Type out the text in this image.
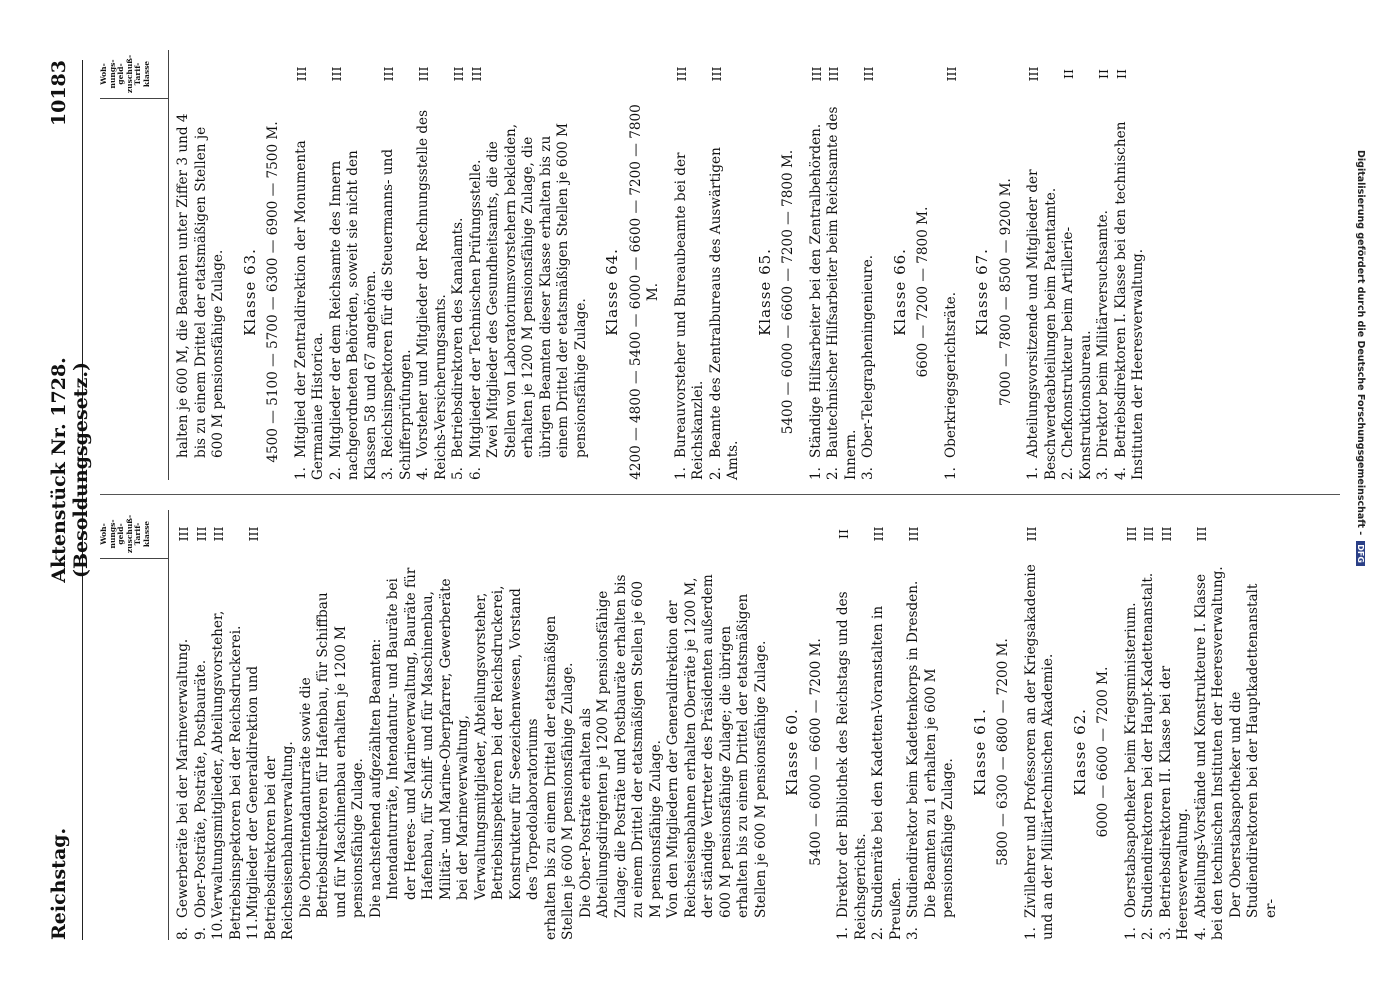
Reichstag.
Aktenstück Nr. 1728. (Besoldungsgesetz.)
10183
Woh-nungs-geld-zuschuß-Tarif-klasse

8.Gewerberäte bei der Marineverwaltung.
III

9.Ober-Posträte, Posträte, Postbauräte.
III

10.Verwaltungsmitglieder, Abteilungsvorsteher, Betriebsinspektoren bei der Reichsdruckerei.
III

11.Mitglieder der Generaldirektion und Betriebsdirektoren bei der Reichseisenbahnverwaltung.
III

Die Oberintendanturräte sowie die Betriebsdirektoren für Hafenbau, für Schiffbau und für Maschinenbau erhalten je 1200 M pensionsfähige Zulage. Die nachstehend aufgezählten Beamten: Intendanturräte, Intendantur- und Bauräte bei der Heeres- und Marineverwaltung, Bauräte für Hafenbau, für Schiff- und für Maschinenbau, Militär- und Marine-Oberpfarrer, Gewerberäte bei der Marineverwaltung, Verwaltungsmitglieder, Abteilungsvorsteher, Betriebsinspektoren bei der Reichsdruckerei, Konstrukteur für Seezeichenwesen, Vorstand des Torpedolaboratoriums erhalten bis zu einem Drittel der etatsmäßigen Stellen je 600 M pensionsfähige Zulage. Die Ober-Posträte erhalten als Abteilungsdirigenten je 1200 M pensionsfähige Zulage; die Posträte und Postbauräte erhalten bis zu einem Drittel der etatsmäßigen Stellen je 600 M pensionsfähige Zulage. Von den Mitgliedern der Generaldirektion der Reichseisenbahnen erhalten Oberräte je 1200 M, der ständige Vertreter des Präsidenten außerdem 600 M pensionsfähige Zulage; die übrigen erhalten bis zu einem Drittel der etatsmäßigen Stellen je 600 M pensionsfähige Zulage. Klasse 60. 5400 — 6000 — 6600 — 7200 M.

1.Direktor der Bibliothek des Reichstags und des Reichsgerichts.
II

2.Studienräte bei den Kadetten-Voranstalten in Preußen.
III

3.Studiendirektor beim Kadettenkorps in Dresden.
III

Die Beamten zu 1 erhalten je 600 M pensionsfähige Zulage.

Klasse 61. 5800 — 6300 — 6800 — 7200 M.

1.Zivillehrer und Professoren an der Kriegsakademie und an der Militärtechnischen Akademie.
III

Klasse 62. 6000 — 6600 — 7200 M.

1.Oberstabsapotheker beim Kriegsministerium.
III

2.Studiendirektoren bei der Haupt-Kadettenanstalt.
III

3.Betriebsdirektoren II. Klasse bei der Heeresverwaltung.
III

4.Abteilungs-Vorstände und Konstrukteure I. Klasse bei den technischen Instituten der Heeresverwaltung.
III

Der Oberstabsapotheker und die Studiendirektoren bei der Hauptkadettenanstalt er-

Woh-nungs-geld-zuschuß-Tarif-klasse

halten je 600 M, die Beamten unter Ziffer 3 und 4 bis zu einem Drittel der etatsmäßigen Stellen je 600 M pensionsfähige Zulage. Klasse 63. 4500 — 5100 — 5700 — 6300 — 6900 — 7500 M.

1.Mitglied der Zentraldirektion der Monumenta Germaniae Historica.
III

2.Mitglieder der dem Reichsamte des Innern nachgeordneten Behörden, soweit sie nicht den Klassen 58 und 67 angehören.
III

3.Reichsinspektoren für die Steuermanns- und Schifferprüfungen.
III

4.Vorsteher und Mitglieder der Rechnungsstelle des Reichs-Versicherungsamts.
III

5.Betriebsdirektoren des Kanalamts.
III

6.Mitglieder der Technischen Prüfungsstelle.
III

Zwei Mitglieder des Gesundheitsamts, die die Stellen von Laboratoriumsvorstehern bekleiden, erhalten je 1200 M pensionsfähige Zulage, die übrigen Beamten dieser Klasse erhalten bis zu einem Drittel der etatsmäßigen Stellen je 600 M pensionsfähige Zulage.

Klasse 64. 4200 — 4800 — 5400 — 6000 — 6600 — 7200 — 7800 M.

1.Bureauvorsteher und Bureaubeamte bei der Reichskanzlei.
III

2.Beamte des Zentralbureaus des Auswärtigen Amts.
III

Klasse 65. 5400 — 6000 — 6600 — 7200 — 7800 M.

1.Ständige Hilfsarbeiter bei den Zentralbehörden.
III

2.Bautechnischer Hilfsarbeiter beim Reichsamte des Innern.
III

3.Ober-Telegrapheningenieure.
III

Klasse 66. 6600 — 7200 — 7800 M.

1.Oberkriegsgerichtsräte.
III

Klasse 67. 7000 — 7800 — 8500 — 9200 M.

1.Abteilungsvorsitzende und Mitglieder der Beschwerdeabteilungen beim Patentamte.
III

2.Chefkonstrukteur beim Artillerie-Konstruktionsbureau.
II

3.Direktor beim Militärversuchsamte.
II

4.Betriebsdirektoren I. Klasse bei den technischen Instituten der Heeresverwaltung.
II

Digitalisierung gefördert durch die Deutsche Forschungsgemeinschaft -DFG
